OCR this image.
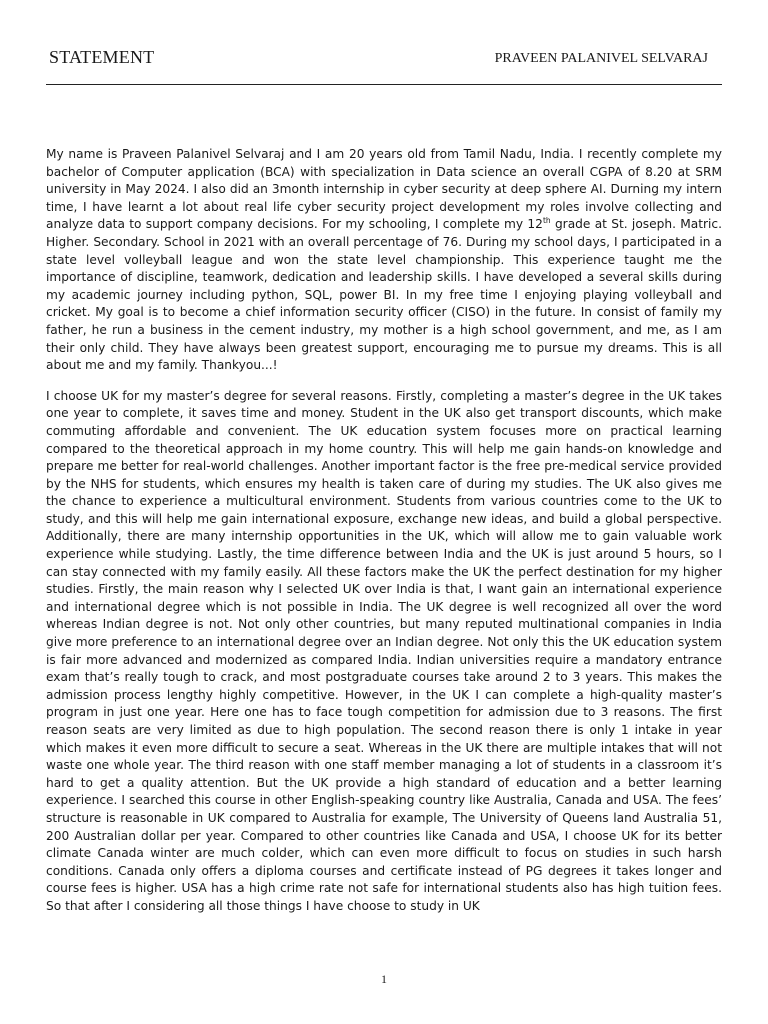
STATEMENT	PRAVEEN PALANIVEL SELVARAJ

My name is Praveen Palanivel Selvaraj and I am 20 years old from Tamil Nadu, India. I recently complete my bachelor of Computer application (BCA) with specialization in Data science an overall CGPA of 8.20 at SRM university in May 2024. I also did an 3month internship in cyber security at deep sphere AI. Durning my intern time, I have learnt a lot about real life cyber security project development my roles involve collecting and analyze data to support company decisions. For my schooling, I complete my 12th grade at St. joseph. Matric. Higher. Secondary. School in 2021 with an overall percentage of 76. During my school days, I participated in a state level volleyball league and won the state level championship. This experience taught me the importance of discipline, teamwork, dedication and leadership skills. I have developed a several skills during my academic journey including python, SQL, power BI. In my free time I enjoying playing volleyball and cricket. My goal is to become a chief information security officer (CISO) in the future. In consist of family my father, he run a business in the cement industry, my mother is a high school government, and me, as I am their only child. They have always been greatest support, encouraging me to pursue my dreams. This is all about me and my family. Thankyou...!

I choose UK for my master’s degree for several reasons. Firstly, completing a master’s degree in the UK takes one year to complete, it saves time and money. Student in the UK also get transport discounts, which make commuting affordable and convenient. The UK education system focuses more on practical learning compared to the theoretical approach in my home country. This will help me gain hands-on knowledge and prepare me better for real-world challenges. Another important factor is the free pre-medical service provided by the NHS for students, which ensures my health is taken care of during my studies. The UK also gives me the chance to experience a multicultural environment. Students from various countries come to the UK to study, and this will help me gain international exposure, exchange new ideas, and build a global perspective. Additionally, there are many internship opportunities in the UK, which will allow me to gain valuable work experience while studying. Lastly, the time difference between India and the UK is just around 5 hours, so I can stay connected with my family easily. All these factors make the UK the perfect destination for my higher studies. Firstly, the main reason why I selected UK over India is that, I want gain an international experience and international degree which is not possible in India. The UK degree is well recognized all over the word whereas Indian degree is not. Not only other countries, but many reputed multinational companies in India give more preference to an international degree over an Indian degree. Not only this the UK education system is fair more advanced and modernized as compared India. Indian universities require a mandatory entrance exam that’s really tough to crack, and most postgraduate courses take around 2 to 3 years. This makes the admission process lengthy highly competitive. However, in the UK I can complete a high-quality master’s program in just one year. Here one has to face tough competition for admission due to 3 reasons. The first reason seats are very limited as due to high population. The second reason there is only 1 intake in year which makes it even more difficult to secure a seat. Whereas in the UK there are multiple intakes that will not waste one whole year. The third reason with one staff member managing a lot of students in a classroom it’s hard to get a quality attention. But the UK provide a high standard of education and a better learning experience. I searched this course in other English-speaking country like Australia, Canada and USA. The fees’ structure is reasonable in UK compared to Australia for example, The University of Queens land Australia 51, 200 Australian dollar per year. Compared to other countries like Canada and USA, I choose UK for its better climate Canada winter are much colder, which can even more difficult to focus on studies in such harsh conditions. Canada only offers a diploma courses and certificate instead of PG degrees it takes longer and course fees is higher. USA has a high crime rate not safe for international students also has high tuition fees. So that after I considering all those things I have choose to study in UK

1
